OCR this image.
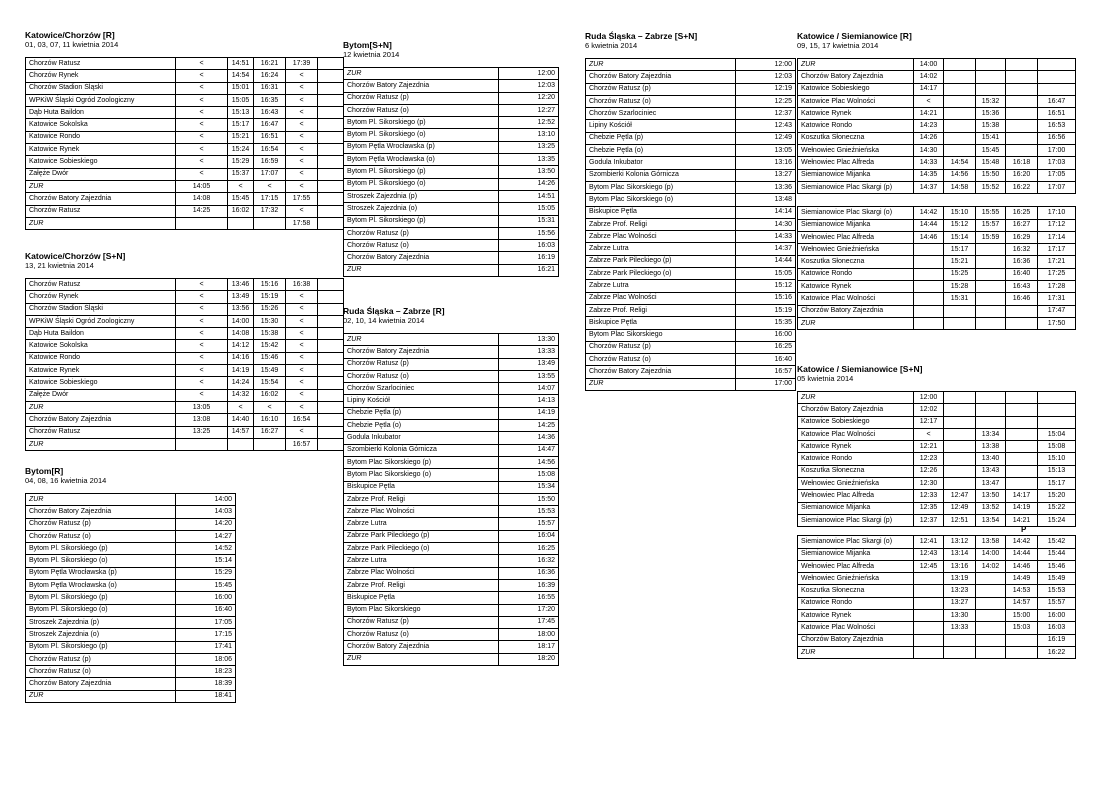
Katowice/Chorzów [R]
01, 03, 07, 11 kwietnia 2014
Chorzów Ratusz	<	14:51	16:21	17:39	
Chorzów Rynek	<	14:54	16:24	<	
Chorzów Stadion Śląski	<	15:01	16:31	<	
WPKiW Śląski Ogród Zoologiczny	<	15:05	16:35	<	
Dąb Huta Baildon	<	15:13	16:43	<	
Katowice Sokolska	<	15:17	16:47	<	
Katowice Rondo	<	15:21	16:51	<	
Katowice Rynek	<	15:24	16:54	<	
Katowice Sobieskiego	<	15:29	16:59	<	
Załęże Dwór	<	15:37	17:07	<	
ZUR	14:05	<	<	<	
Chorzów Batory Zajezdnia	14:08	15:45	17:15	17:55	
Chorzów Ratusz	14:25	16:02	17:32	<	
ZUR				17:58	
Katowice/Chorzów [S+N]
13, 21 kwietnia 2014
Chorzów Ratusz	<	13:46	15:16	16:38	
Chorzów Rynek	<	13:49	15:19	<	
Chorzów Stadion Śląski	<	13:56	15:26	<	
WPKiW Śląski Ogród Zoologiczny	<	14:00	15:30	<	
Dąb Huta Baildon	<	14:08	15:38	<	
Katowice Sokolska	<	14:12	15:42	<	
Katowice Rondo	<	14:16	15:46	<	
Katowice Rynek	<	14:19	15:49	<	
Katowice Sobieskiego	<	14:24	15:54	<	
Załęże Dwór	<	14:32	16:02	<	
ZUR	13:05	<	<	<	
Chorzów Batory Zajezdnia	13:08	14:40	16:10	16:54	
Chorzów Ratusz	13:25	14:57	16:27	<	
ZUR				16:57	
Bytom[R]
04, 08, 16 kwietnia 2014
ZUR	14:00
Chorzów Batory Zajezdnia	14:03
Chorzów Ratusz (p)	14:20
Chorzów Ratusz (o)	14:27
Bytom Pl. Sikorskiego (p)	14:52
Bytom Pl. Sikorskiego (o)	15:14
Bytom Pętla Wrocławska (p)	15:29
Bytom Pętla Wrocławska (o)	15:45
Bytom Pl. Sikorskiego (p)	16:00
Bytom Pl. Sikorskiego (o)	16:40
Stroszek Zajezdnia (p)	17:05
Stroszek Zajezdnia (o)	17:15
Bytom Pl. Sikorskiego (p)	17:41
Chorzów Ratusz (p)	18:06
Chorzów Ratusz (o)	18:23
Chorzów Batory Zajezdnia	18:39
ZUR	18:41
Bytom[S+N]
12 kwietnia 2014
ZUR	12:00
Chorzów Batory Zajezdnia	12:03
Chorzów Ratusz (p)	12:20
Chorzów Ratusz (o)	12:27
Bytom Pl. Sikorskiego (p)	12:52
Bytom Pl. Sikorskiego (o)	13:10
Bytom Pętla Wrocławska (p)	13:25
Bytom Pętla Wrocławska (o)	13:35
Bytom Pl. Sikorskiego (p)	13:50
Bytom Pl. Sikorskiego (o)	14:26
Stroszek Zajezdnia (p)	14:51
Stroszek Zajezdnia (o)	15:05
Bytom Pl. Sikorskiego (p)	15:31
Chorzów Ratusz (p)	15:56
Chorzów Ratusz (o)	16:03
Chorzów Batory Zajezdnia	16:19
ZUR	16:21
Ruda Śląska – Zabrze [R]
02, 10, 14 kwietnia 2014
ZUR	13:30
Chorzów Batory Zajezdnia	13:33
Chorzów Ratusz (p)	13:49
Chorzów Ratusz (o)	13:55
Chorzów Szarlociniec	14:07
Lipiny Kościół	14:13
Chebzie Pętla (p)	14:19
Chebzie Pętla (o)	14:25
Godula Inkubator	14:36
Szombierki Kolonia Górnicza	14:47
Bytom Plac Sikorskiego (p)	14:56
Bytom Plac Sikorskiego (o)	15:08
Biskupice Pętla	15:34
Zabrze Prof. Religi	15:50
Zabrze Plac Wolności	15:53
Zabrze Lutra	15:57
Zabrze Park Pileckiego (p)	16:04
Zabrze Park Pileckiego (o)	16:25
Zabrze Lutra	16:32
Zabrze Plac Wolności	16:36
Zabrze Prof. Religi	16:39
Biskupice Pętla	16:55
Bytom Plac Sikorskiego	17:20
Chorzów Ratusz (p)	17:45
Chorzów Ratusz (o)	18:00
Chorzów Batory Zajezdnia	18:17
ZUR	18:20
Ruda Śląska – Zabrze [S+N]
6 kwietnia 2014
ZUR	12:00
Chorzów Batory Zajezdnia	12:03
Chorzów Ratusz (p)	12:19
Chorzów Ratusz (o)	12:25
Chorzów Szarlociniec	12:37
Lipiny Kościół	12:43
Chebzie Pętla (p)	12:49
Chebzie Pętla (o)	13:05
Godula Inkubator	13:16
Szombierki Kolonia Górnicza	13:27
Bytom Plac Sikorskiego (p)	13:36
Bytom Plac Sikorskiego (o)	13:48
Biskupice Pętla	14:14
Zabrze Prof. Religi	14:30
Zabrze Plac Wolności	14:33
Zabrze Lutra	14:37
Zabrze Park Pileckiego (p)	14:44
Zabrze Park Pileckiego (o)	15:05
Zabrze Lutra	15:12
Zabrze Plac Wolności	15:16
Zabrze Prof. Religi	15:19
Biskupice Pętla	15:35
Bytom Plac Sikorskiego	16:00
Chorzów Ratusz (p)	16:25
Chorzów Ratusz (o)	16:40
Chorzów Batory Zajezdnia	16:57
ZUR	17:00
Katowice / Siemianowice [R]
09, 15, 17 kwietnia 2014
ZUR	14:00				
Chorzów Batory Zajezdnia	14:02				
Katowice Sobieskiego	14:17				
Katowice Plac Wolności	<		15:32		16:47
Katowice Rynek	14:21		15:36		16:51
Katowice Rondo	14:23		15:38		16:53
Koszutka Słoneczna	14:26		15:41		16:56
Wełnowiec Gnieźnieńska	14:30		15:45		17:00
Wełnowiec Plac Alfreda	14:33	14:54	15:48	16:18	17:03
Siemianowice Mijanka	14:35	14:56	15:50	16:20	17:05
Siemianowice Plac Skargi (p)	14:37	14:58	15:52	16:22	17:07
Siemianowice Plac Skargi (o)	14:42	15:10	15:55	16:25	17:10
Siemianowice Mijanka	14:44	15:12	15:57	16:27	17:12
Wełnowiec Plac Alfreda	14:46	15:14	15:59	16:29	17:14
Wełnowiec Gnieźnieńska		15:17		16:32	17:17
Koszutka Słoneczna		15:21		16:36	17:21
Katowice Rondo		15:25		16:40	17:25
Katowice Rynek		15:28		16:43	17:28
Katowice Plac Wolności		15:31		16:46	17:31
Chorzów Batory Zajezdnia					17:47
ZUR					17:50
Katowice / Siemianowice [S+N]
05 kwietnia 2014
ZUR	12:00				
Chorzów Batory Zajezdnia	12:02				
Katowice Sobieskiego	12:17				
Katowice Plac Wolności	<		13:34		15:04
Katowice Rynek	12:21		13:38		15:08
Katowice Rondo	12:23		13:40		15:10
Koszutka Słoneczna	12:26		13:43		15:13
Wełnowiec Gnieźnieńska	12:30		13:47		15:17
Wełnowiec Plac Alfreda	12:33	12:47	13:50	14:17	15:20
Siemianowice Mijanka	12:35	12:49	13:52	14:19	15:22
Siemianowice Plac Skargi (p)	12:37	12:51	13:54	14:21	15:24
P
Siemianowice Plac Skargi (o)	12:41	13:12	13:58	14:42	15:42
Siemianowice Mijanka	12:43	13:14	14:00	14:44	15:44
Wełnowiec Plac Alfreda	12:45	13:16	14:02	14:46	15:46
Wełnowiec Gnieźnieńska		13:19		14:49	15:49
Koszutka Słoneczna		13:23		14:53	15:53
Katowice Rondo		13:27		14:57	15:57
Katowice Rynek		13:30		15:00	16:00
Katowice Plac Wolności		13:33		15:03	16:03
Chorzów Batory Zajezdnia					16:19
ZUR					16:22
